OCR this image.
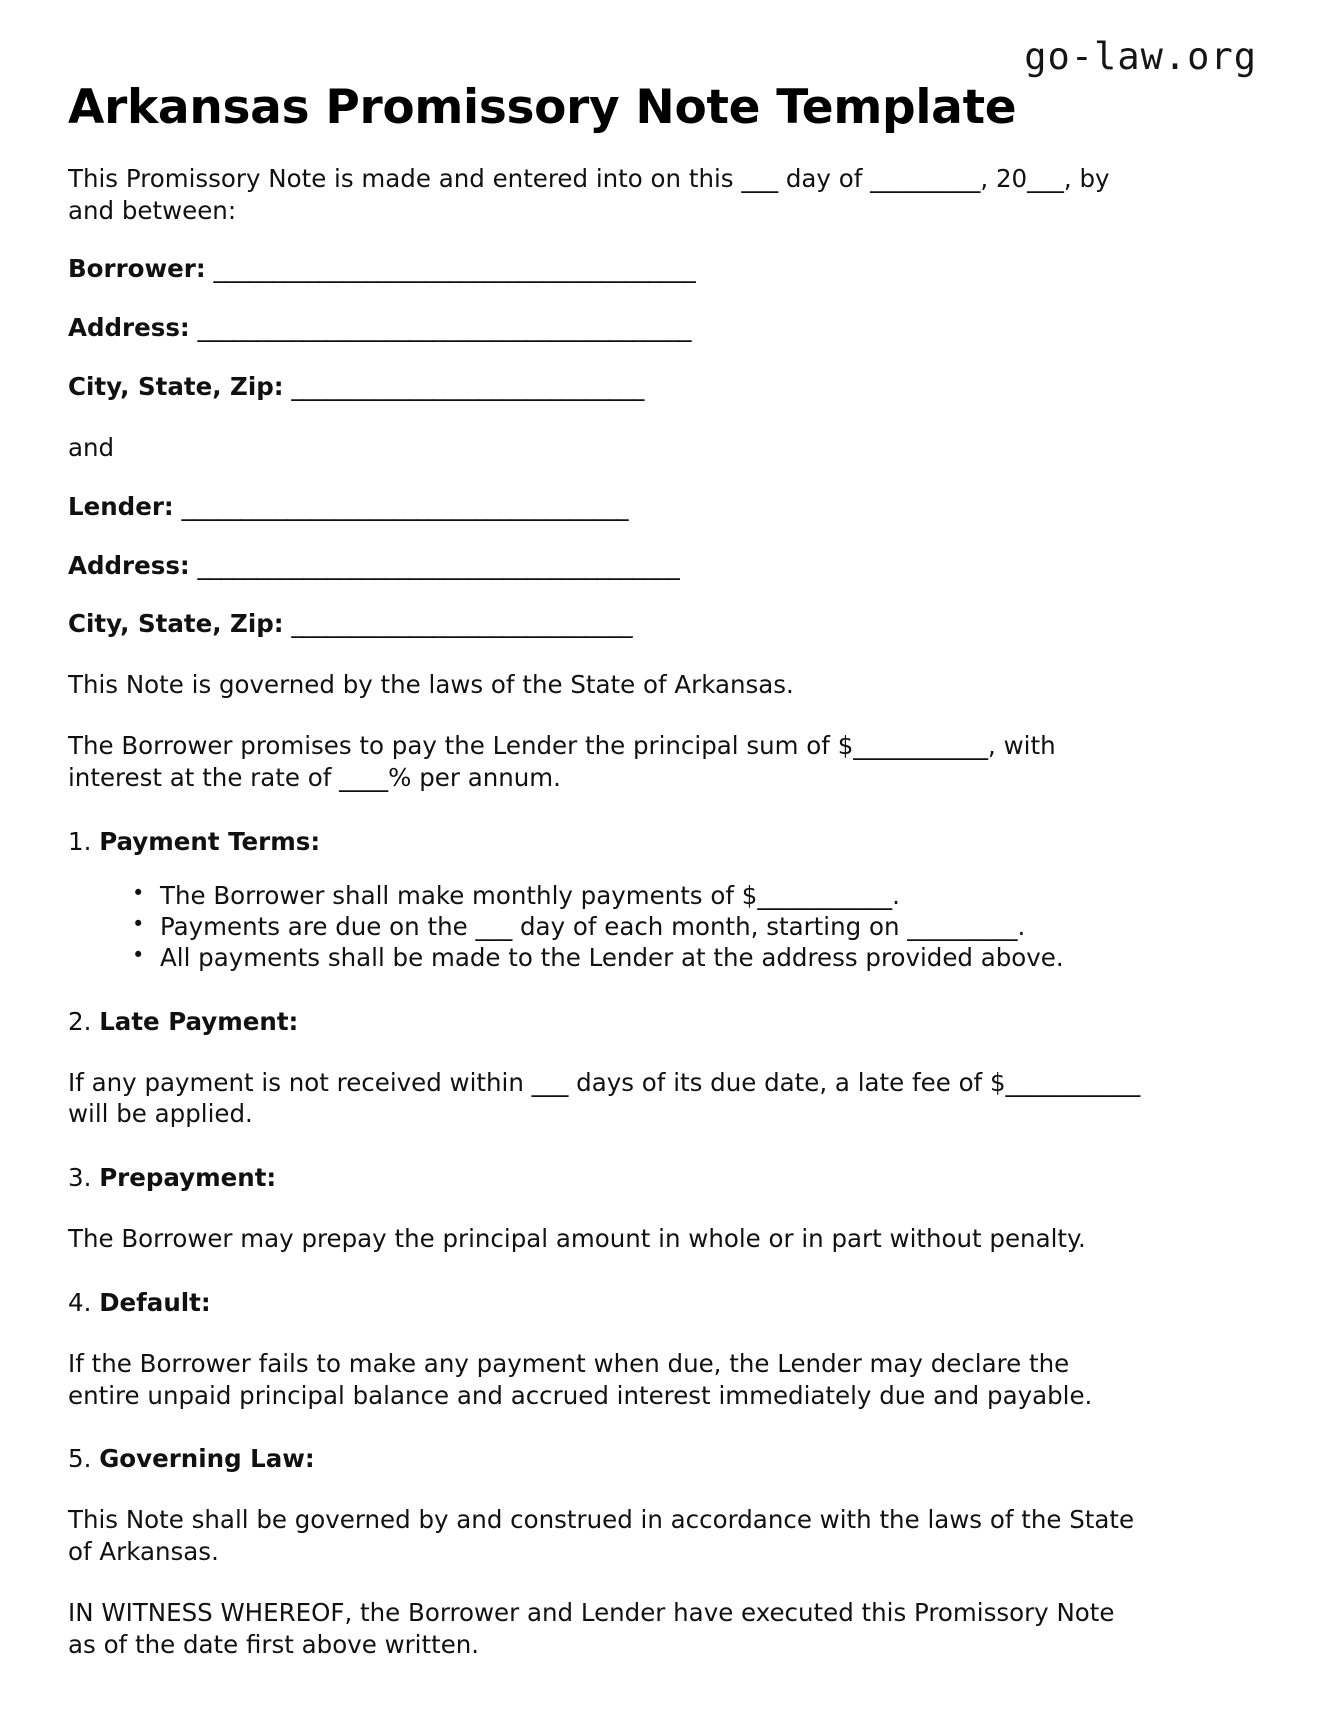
go-law.org
Arkansas Promissory Note Template

This Promissory Note is made and entered into on this ___ day of _________, 20___, by and between:

Borrower: _________________________________________

Address: __________________________________________

City, State, Zip: ______________________________

and

Lender: ______________________________________

Address: _________________________________________

City, State, Zip: _____________________________

This Note is governed by the laws of the State of Arkansas.

The Borrower promises to pay the Lender the principal sum of $___________, with interest at the rate of ____% per annum.

1. Payment Terms:

• The Borrower shall make monthly payments of $___________.
• Payments are due on the ___ day of each month, starting on _________.
• All payments shall be made to the Lender at the address provided above.

2. Late Payment:

If any payment is not received within ___ days of its due date, a late fee of $___________ will be applied.

3. Prepayment:

The Borrower may prepay the principal amount in whole or in part without penalty.

4. Default:

If the Borrower fails to make any payment when due, the Lender may declare the entire unpaid principal balance and accrued interest immediately due and payable.

5. Governing Law:

This Note shall be governed by and construed in accordance with the laws of the State of Arkansas.

IN WITNESS WHEREOF, the Borrower and Lender have executed this Promissory Note as of the date first above written.
